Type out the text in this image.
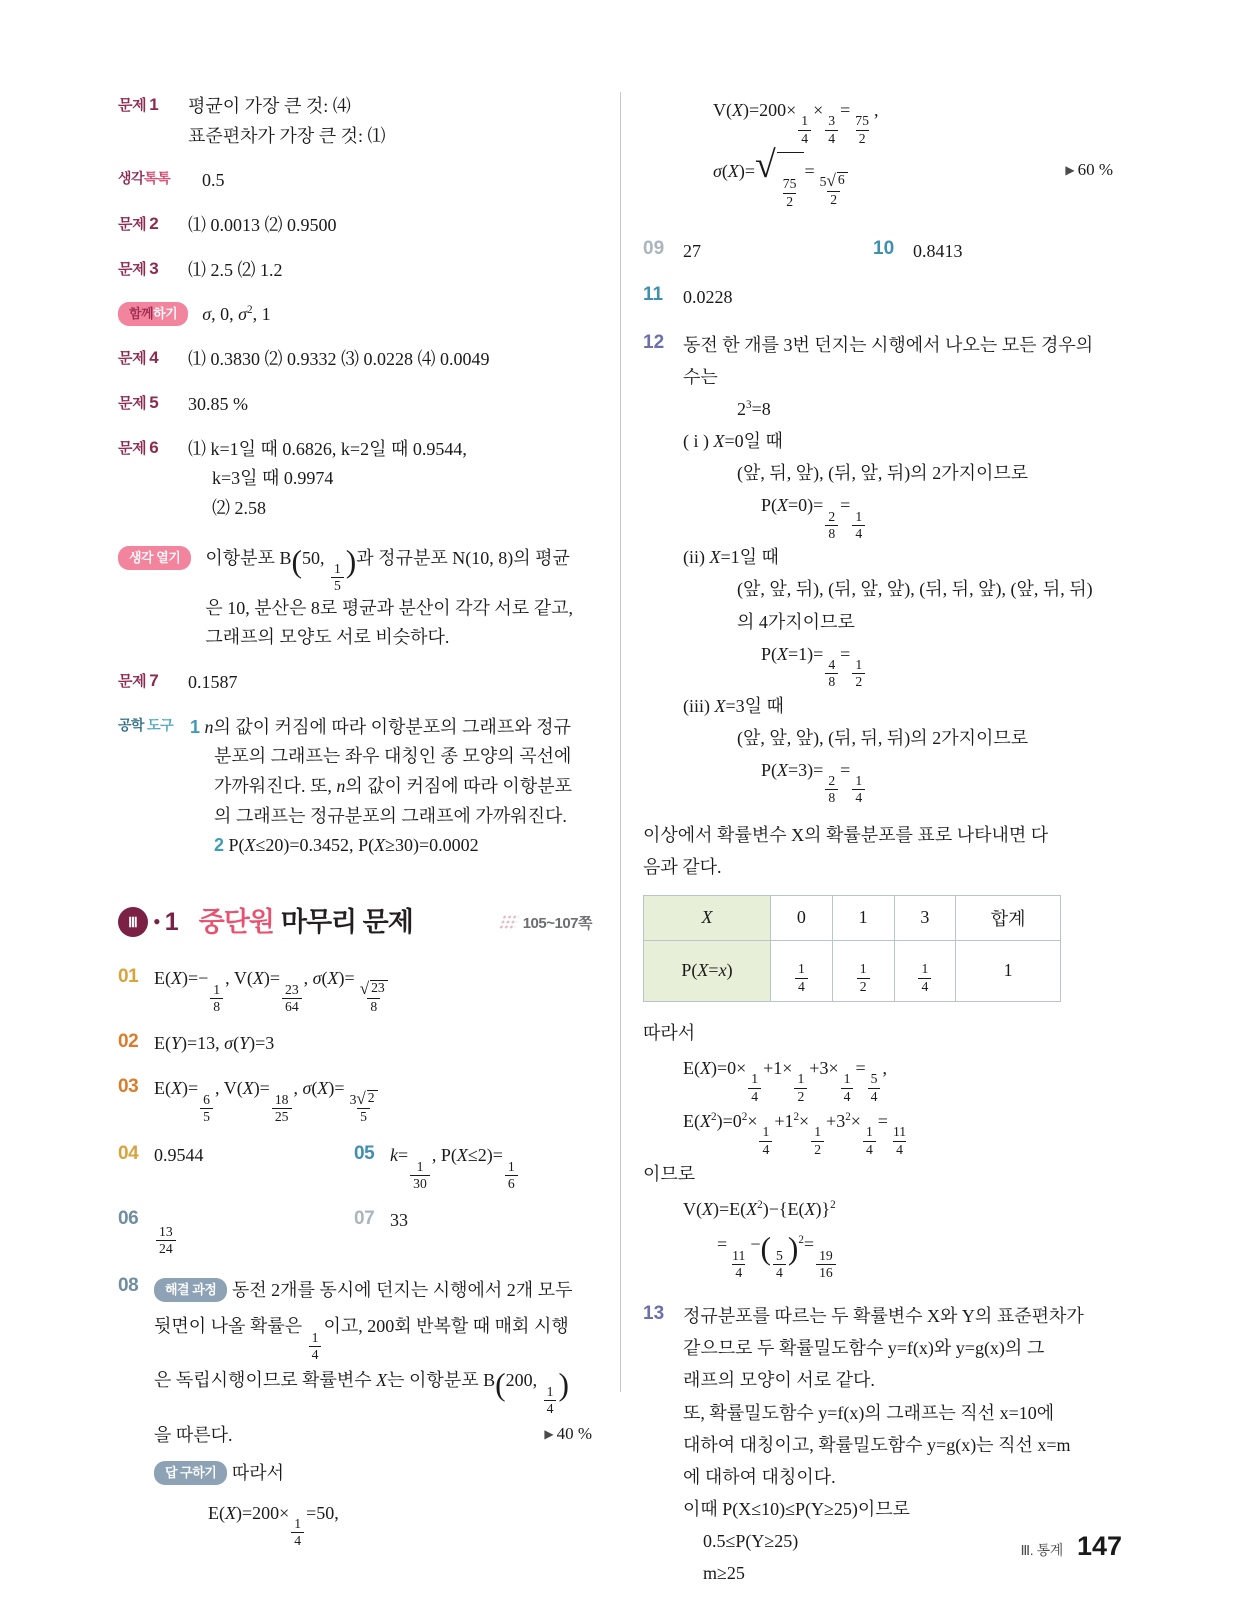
문제 1	평균이 가장 큰 것: ⑷
표준편차가 가장 큰 것: ⑴
생각톡톡	0.5
문제 2	⑴ 0.0013 ⑵ 0.9500
문제 3	⑴ 2.5 ⑵ 1.2
함께하기	σ, 0, $\sigma^2$, 1
문제 4	⑴ 0.3830 ⑵ 0.9332 ⑶ 0.0228 ⑷ 0.0049
문제 5	30.85 %
문제 6	⑴ k=1일 때 0.6826, k=2일 때 0.9544,
k=3일 때 0.9974
⑵ 2.58
생각 열기	이항분포 B(50,
$\frac{1}{5}$ )과 정규분포 N(10, 8)의 평균
은 10, 분산은 8로 평균과 분산이 각각 서로 같고,
그래프의 모양도 서로 비슷하다.
문제 7	0.1587
공학 도구 1 n의 값이 커짐에 따라 이항분포의 그래프와 정규
분포의 그래프는 좌우 대칭인 종 모양의 곡선에
가까워진다. 또, n의 값이 커짐에 따라 이항분포
의 그래프는 정규분포의 그래프에 가까워진다.
2 P(X≤20)=0.3452, P(X≥30)=0.0002
Ⅲ • 1 중단원 마무리 문제	105~107쪽
01 E(X)=−
$\frac{1}{8}$
, V(X)=
$\frac{23}{64}$
, σ(X)=
$\frac{√ 23}{8}$
02 E(Y)=13, σ(Y)=3
03 E(X)=
$\frac{6}{5}$
, V(X)=
$\frac{18}{25}$
, σ(X)=
$\frac{3 √ 2}{5}$
04 0.9544	05 k=
$\frac{1}{30}$
, P(X≤2)=
$\frac{1}{6}$
06
$\frac{13}{24}$
07 33
08	해결 과정 동전 2개를 동시에 던지는 시행에서 2개 모두
뒷면이 나올 확률은
$\frac{1}{4}$
이고, 200회 반복할 때 매회 시행
은 독립시행이므로 확률변수 X는 이항분포 B(200,
$\frac{1}{4}$ )
을 따른다.	▶ 40 %
답 구하기 따라서
E(X)=200×
$\frac{1}{4}$
=50,
V(X)=200×
$\frac{1}{4}$
×
$\frac{3}{4}$
=
$\frac{75}{2}$
,
σ(X)= √
$\frac{75}{2}$
=
$\frac{5 √ 6}{2}$
▶ 60 %
09	27	10	0.8413
11	0.0228
12	동전 한 개를 3번 던지는 시행에서 나오는 모든 경우의

수는

$2^3=8$

( i ) X=0일 때

(앞, 뒤, 앞), (뒤, 앞, 뒤)의 2가지이므로

P(X=0)=
$\frac{2}{8}$
=
$\frac{1}{4}$

(ii) X=1일 때

(앞, 앞, 뒤), (뒤, 앞, 앞), (뒤, 뒤, 앞), (앞, 뒤, 뒤)

의 4가지이므로

P(X=1)=
$\frac{4}{8}$
=
$\frac{1}{2}$

(iii) X=3일 때

(앞, 앞, 앞), (뒤, 뒤, 뒤)의 2가지이므로

P(X=3)=
$\frac{2}{8}$
=
$\frac{1}{4}$

이상에서 확률변수 X의 확률분포를 표로 나타내면 다

음과 같다.

X	0	1	3	합계
P(X=x)	$\frac{1}{4}$	$\frac{1}{2}$	$\frac{1}{4}$	1

따라서

E(X)=0×
$\frac{1}{4}$
+1×
$\frac{1}{2}$
+3×
$\frac{1}{4}$
=
$\frac{5}{4}$
,

$E(X^2)=0^2\times$
$\frac{1}{4}$
$+1^2\times$
$\frac{1}{2}$
$+3^2\times$
$\frac{1}{4}$
=
$\frac{11}{4}$

이므로

$V(X)=E(X^2)-\{E(X)\}^2$

=
$\frac{11}{4}$
−( $\frac{5}{4} )^2=$
$\frac{19}{16}$

13	정규분포를 따르는 두 확률변수 X와 Y의 표준편차가

같으므로 두 확률밀도함수 y=f(x)와 y=g(x)의 그

래프의 모양이 서로 같다.

또, 확률밀도함수 y=f(x)의 그래프는 직선 x=10에

대하여 대칭이고, 확률밀도함수 y=g(x)는 직선 x=m

에 대하여 대칭이다.

이때 P(X≤10)≤P(Y≥25)이므로

0.5≤P(Y≥25)

m≥25

Ⅲ. 통계 147
